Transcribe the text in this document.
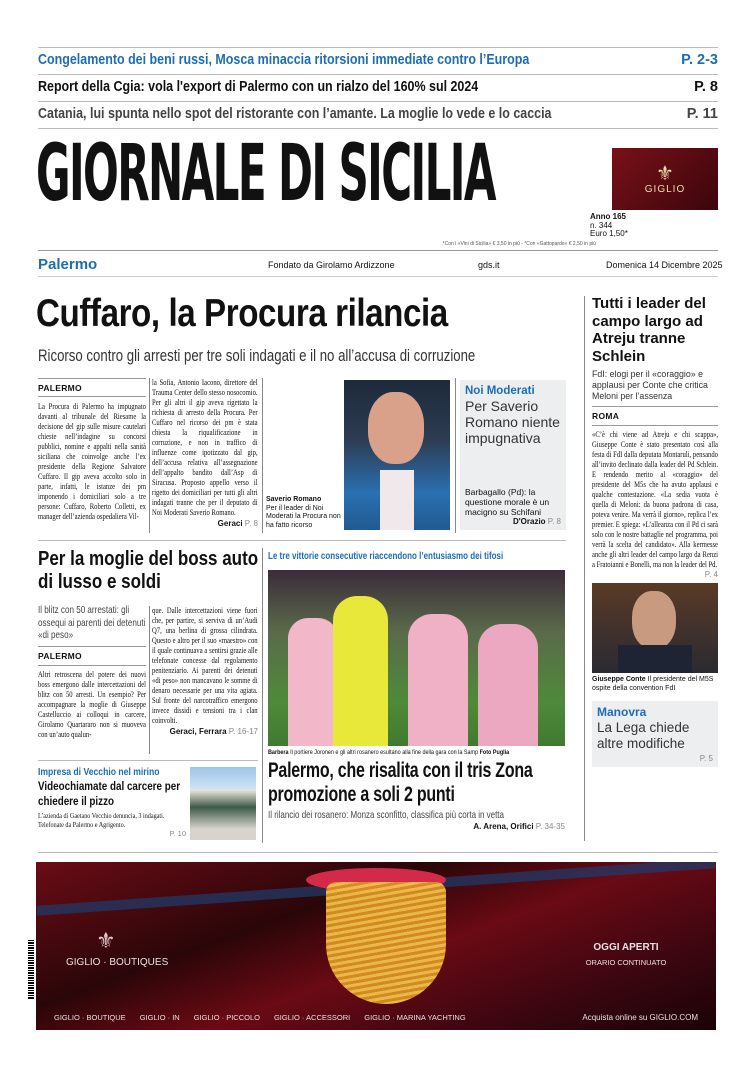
Congelamento dei beni russi, Mosca minaccia ritorsioni immediate contro l’Europa	P. 2-3
Report della Cgia: vola l'export di Palermo con un rialzo del 160% sul 2024	P. 8
Catania, lui spunta nello spot del ristorante con l’amante. La moglie lo vede e lo caccia	P. 11
GIORNALE DI SICILIA	⚜
GIGLIO
Anno 165
n. 344
Euro 1,50*
*Con i «Vini di Sicilia» € 3,50 in più - *Con «Gattopardo» € 2,50 in più
Palermo	Fondato da Girolamo Ardizzone	gds.it	Domenica 14 Dicembre 2025
Cuffaro, la Procura rilancia
Ricorso contro gli arresti per tre soli indagati e il no all’accusa di corruzione
PALERMO
La Procura di Palermo ha impugnato davanti al tribunale del Riesame la decisione del gip sulle misure cautelari chieste nell’indagine su concorsi pubblici, nomine e appalti nella sanità siciliana che coinvolge anche l’ex presidente della Regione Salvatore Cuffaro. Il gip aveva accolto solo in parte, infatti, le istanze dei pm imponendo i domiciliari solo a tre persone: Cuffaro, Roberto Colletti, ex manager dell’azienda ospedaliera Vil-
la Sofia, Antonio Iacono, direttore del Trauma Center dello stesso nosocomio. Per gli altri il gip aveva rigettato la richiesta di arresto della Procura. Per Cuffaro nel ricorso dei pm è stata chiesta la riqualificazione in corruzione, e non in traffico di influenze come ipotizzato dal gip, dell’accusa relativa all’assegnazione dell’appalto bandito dall’Asp di Siracusa. Proposto appello verso il rigetto dei domiciliari per tutti gli altri indagati tranne che per il deputato di Noi Moderati Saverio Romano.
Geraci P. 8
Saverio Romano
Per il leader di Noi Moderati la Procura non ha fatto ricorso
Noi Moderati
Per Saverio Romano niente impugnativa
Barbagallo (Pd): la questione morale è un macigno su Schifani
D'Orazio P. 8
Tutti i leader del campo largo ad Atreju tranne Schlein
FdI: elogi per il «coraggio» e applausi per Conte che critica Meloni per l’assenza
ROMA
«C’è chi viene ad Atreju e chi scappa», Giuseppe Conte è stato presentato così alla festa di FdI dalla deputata Montaruli, pensando all’invito declinato dalla leader del Pd Schlein. E rendendo merito al «coraggio» del presidente del M5s che ha avuto applausi e qualche contestazione. «La sedia vuota è quella di Meloni: da buona padrona di casa, poteva venire. Ma verrà il giorno», replica l’ex premier. E spiega: «L’alleanza con il Pd ci sarà solo con le nostre battaglie nel programma, poi verrà la scelta del candidato». Alla kermesse anche gli altri leader del campo largo da Renzi a Fratoianni e Bonelli, ma non la leader del Pd.
P. 4
Giuseppe Conte Il presidente del M5S ospite della convention FdI
Manovra
La Lega chiede altre modifiche
P. 5
Per la moglie del boss auto di lusso e soldi
Il blitz con 50 arrestati: gli ossequi ai parenti dei detenuti «di peso»
PALERMO
Altri retroscena del potere dei nuovi boss emergono dalle intercettazioni del blitz con 50 arresti. Un esempio? Per accompagnare la moglie di Giuseppe Castelluccio ai colloqui in carcere, Girolamo Quartararo non si muoveva con un’auto qualun-
que. Dalle intercettazioni viene fuori che, per partire, si serviva di un’Audi Q7, una berlina di grossa cilindrata. Questo e altro per il suo «maestro» con il quale continuava a sentirsi grazie alle telefonate concesse dal regolamento penitenziario. Ai parenti dei detenuti «di peso» non mancavano le somme di denaro necessarie per una vita agiata. Sul fronte del narcotraffico emergono invece dissidi e tensioni tra i clan coinvolti.
Geraci, Ferrara P. 16-17
Impresa di Vecchio nel mirino
Videochiamate dal carcere per chiedere il pizzo
L’azienda di Gaetano Vecchio denuncia, 3 indagati. Telefonate da Palermo e Agrigento.
P. 10
Le tre vittorie consecutive riaccendono l’entusiasmo dei tifosi
Barbera Il portiere Joronen e gli altri rosanero esultano alla fine della gara con la Samp Foto Puglia
Palermo, che risalita con il tris Zona promozione a soli 2 punti
Il rilancio dei rosanero: Monza sconfitto, classifica più corta in vetta
A. Arena, Orifici P. 34-35
⚜
GIGLIO · BOUTIQUES
OGGI APERTI
ORARIO CONTINUATO
GIGLIO · BOUTIQUE GIGLIO · IN GIGLIO · PICCOLO GIGLIO · ACCESSORI GIGLIO · MARINA YACHTING	Acquista online su GIGLIO.COM
